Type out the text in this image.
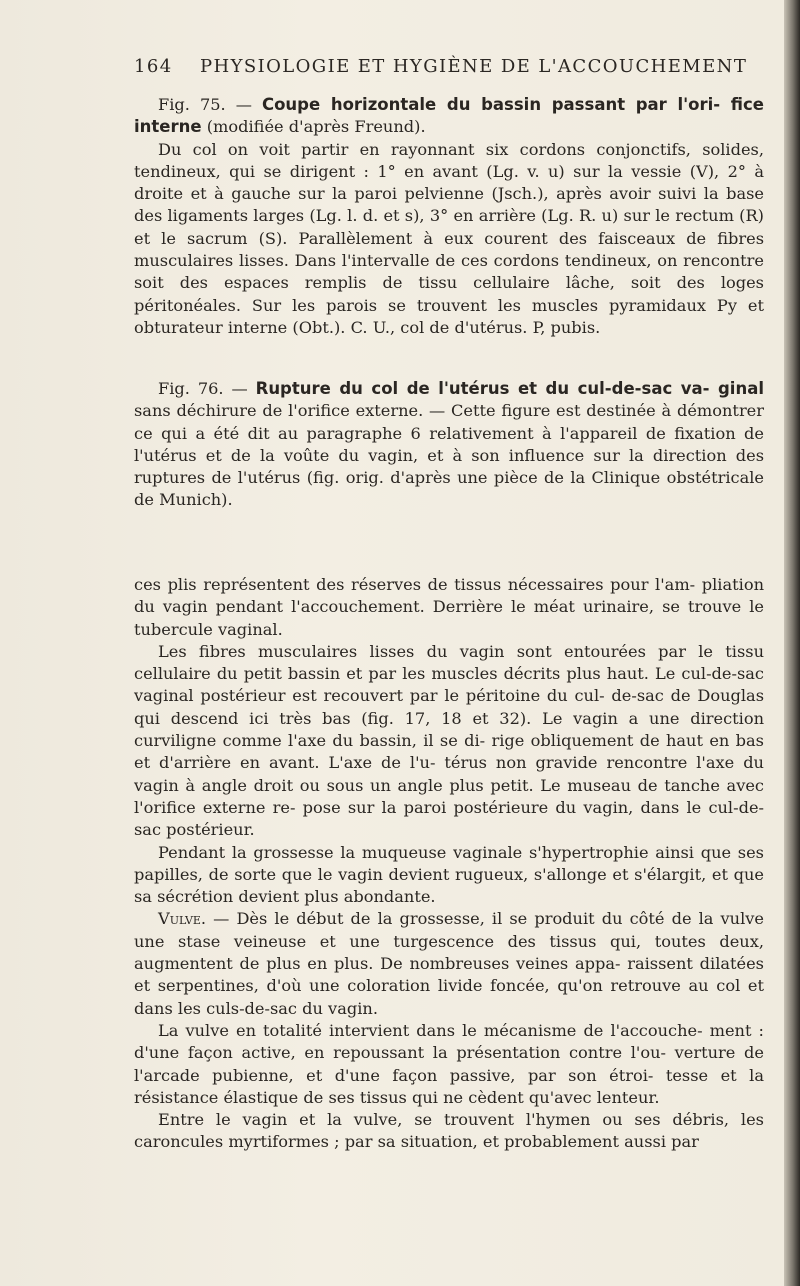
164 PHYSIOLOGIE ET HYGIÈNE DE L'ACCOUCHEMENT

Fig. 75. — Coupe horizontale du bassin passant par l'ori- fice interne (modifiée d'après Freund).

Du col on voit partir en rayonnant six cordons conjonctifs, solides, tendineux, qui se dirigent : 1° en avant (Lg. v. u) sur la vessie (V), 2° à droite et à gauche sur la paroi pelvienne (Jsch.), après avoir suivi la base des ligaments larges (Lg. l. d. et s), 3° en arrière (Lg. R. u) sur le rectum (R) et le sacrum (S). Parallèlement à eux courent des faisceaux de fibres musculaires lisses. Dans l'intervalle de ces cordons tendineux, on rencontre soit des espaces remplis de tissu cellulaire lâche, soit des loges péritonéales. Sur les parois se trouvent les muscles pyramidaux Py et obturateur interne (Obt.). C. U., col de d'utérus. P, pubis.

Fig. 76. — Rupture du col de l'utérus et du cul-de-sac va- ginal sans déchirure de l'orifice externe. — Cette figure est destinée à démontrer ce qui a été dit au paragraphe 6 relativement à l'appareil de fixation de l'utérus et de la voûte du vagin, et à son influence sur la direction des ruptures de l'utérus (fig. orig. d'après une pièce de la Clinique obstétricale de Munich).

ces plis représentent des réserves de tissus nécessaires pour l'am- pliation du vagin pendant l'accouchement. Derrière le méat urinaire, se trouve le tubercule vaginal.

Les fibres musculaires lisses du vagin sont entourées par le tissu cellulaire du petit bassin et par les muscles décrits plus haut. Le cul-de-sac vaginal postérieur est recouvert par le péritoine du cul- de-sac de Douglas qui descend ici très bas (fig. 17, 18 et 32). Le vagin a une direction curviligne comme l'axe du bassin, il se di- rige obliquement de haut en bas et d'arrière en avant. L'axe de l'u- térus non gravide rencontre l'axe du vagin à angle droit ou sous un angle plus petit. Le museau de tanche avec l'orifice externe re- pose sur la paroi postérieure du vagin, dans le cul-de-sac postérieur.

Pendant la grossesse la muqueuse vaginale s'hypertrophie ainsi que ses papilles, de sorte que le vagin devient rugueux, s'allonge et s'élargit, et que sa sécrétion devient plus abondante.

Vulve. — Dès le début de la grossesse, il se produit du côté de la vulve une stase veineuse et une turgescence des tissus qui, toutes deux, augmentent de plus en plus. De nombreuses veines appa- raissent dilatées et serpentines, d'où une coloration livide foncée, qu'on retrouve au col et dans les culs-de-sac du vagin.

La vulve en totalité intervient dans le mécanisme de l'accouche- ment : d'une façon active, en repoussant la présentation contre l'ou- verture de l'arcade pubienne, et d'une façon passive, par son étroi- tesse et la résistance élastique de ses tissus qui ne cèdent qu'avec lenteur.

Entre le vagin et la vulve, se trouvent l'hymen ou ses débris, les caroncules myrtiformes ; par sa situation, et probablement aussi par
